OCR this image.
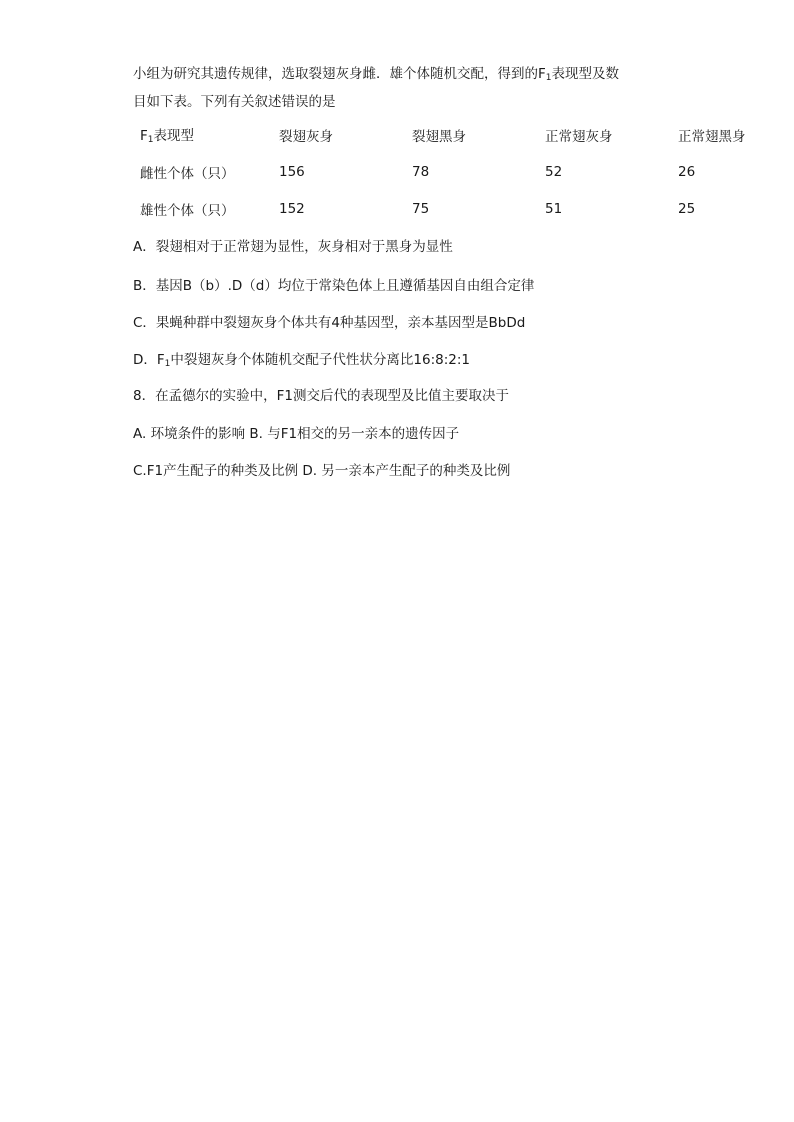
小组为研究其遗传规律，选取裂翅灰身雌．雄个体随机交配，得到的$F_1$表现型及数

目如下表。下列有关叙述错误的是

$F_1$表现型	裂翅灰身	裂翅黑身	正常翅灰身	正常翅黑身
雌性个体（只）	156	78	52	26
雄性个体（只）	152	75	51	25
A．裂翅相对于正常翅为显性，灰身相对于黑身为显性
B．基因B（b）.D（d）均位于常染色体上且遵循基因自由组合定律
C．果蝇种群中裂翅灰身个体共有4种基因型，亲本基因型是BbDd
D．$F_1$中裂翅灰身个体随机交配子代性状分离比16:8:2:1
8．在孟德尔的实验中，F1测交后代的表现型及比值主要取决于
A. 环境条件的影响 B. 与F1相交的另一亲本的遗传因子
C.F1产生配子的种类及比例 D. 另一亲本产生配子的种类及比例
